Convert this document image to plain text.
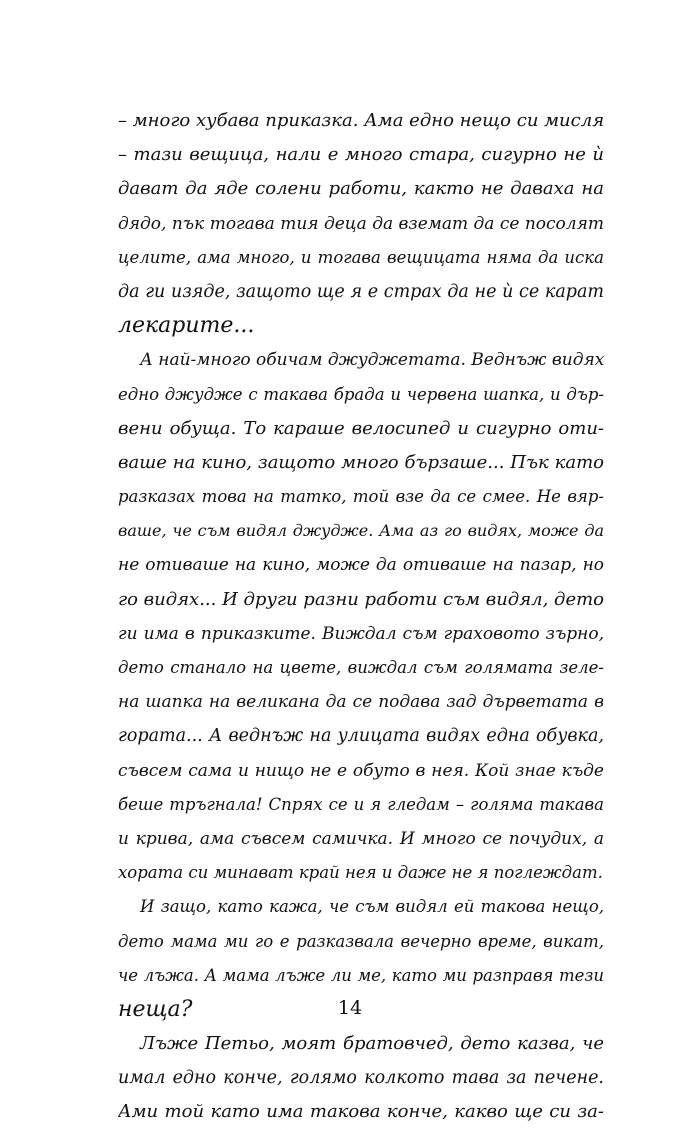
– много хубава приказка. Ама едно нещо си мисля
– тази вещица, нали е много стара, сигурно не ѝ
дават да яде солени работи, както не даваха на
дядо, пък тогава тия деца да вземат да се посолят
целите, ама много, и тогава вещицата няма да иска
да ги изяде, защото ще я е страх да не ѝ се карат
лекарите...
А най-много обичам джуджетата. Веднъж видях
едно джудже с такава брада и червена шапка, и дър-
вени обуща. То караше велосипед и сигурно оти-
ваше на кино, защото много бързаше... Пък като
разказах това на татко, той взе да се смее. Не вяр-
ваше, че съм видял джудже. Ама аз го видях, може да
не отиваше на кино, може да отиваше на пазар, но
го видях... И други разни работи съм видял, дето
ги има в приказките. Виждал съм граховото зърно,
дето станало на цвете, виждал съм голямата зеле-
на шапка на великана да се подава зад дърветата в
гората... А веднъж на улицата видях една обувка,
съвсем сама и нищо не е обуто в нея. Кой знае къде
беше тръгнала! Спрях се и я гледам – голяма такава
и крива, ама съвсем самичка. И много се почудих, а
хората си минават край нея и даже не я поглеждат.
И защо, като кажа, че съм видял ей такова нещо,
дето мама ми го е разказвала вечерно време, викат,
че лъжа. А мама лъже ли ме, като ми разправя тези
неща?
Лъже Петьо, моят братовчед, дето казва, че
имал едно конче, голямо колкото тава за печене.
Ами той като има такова конче, какво ще си за-
14
